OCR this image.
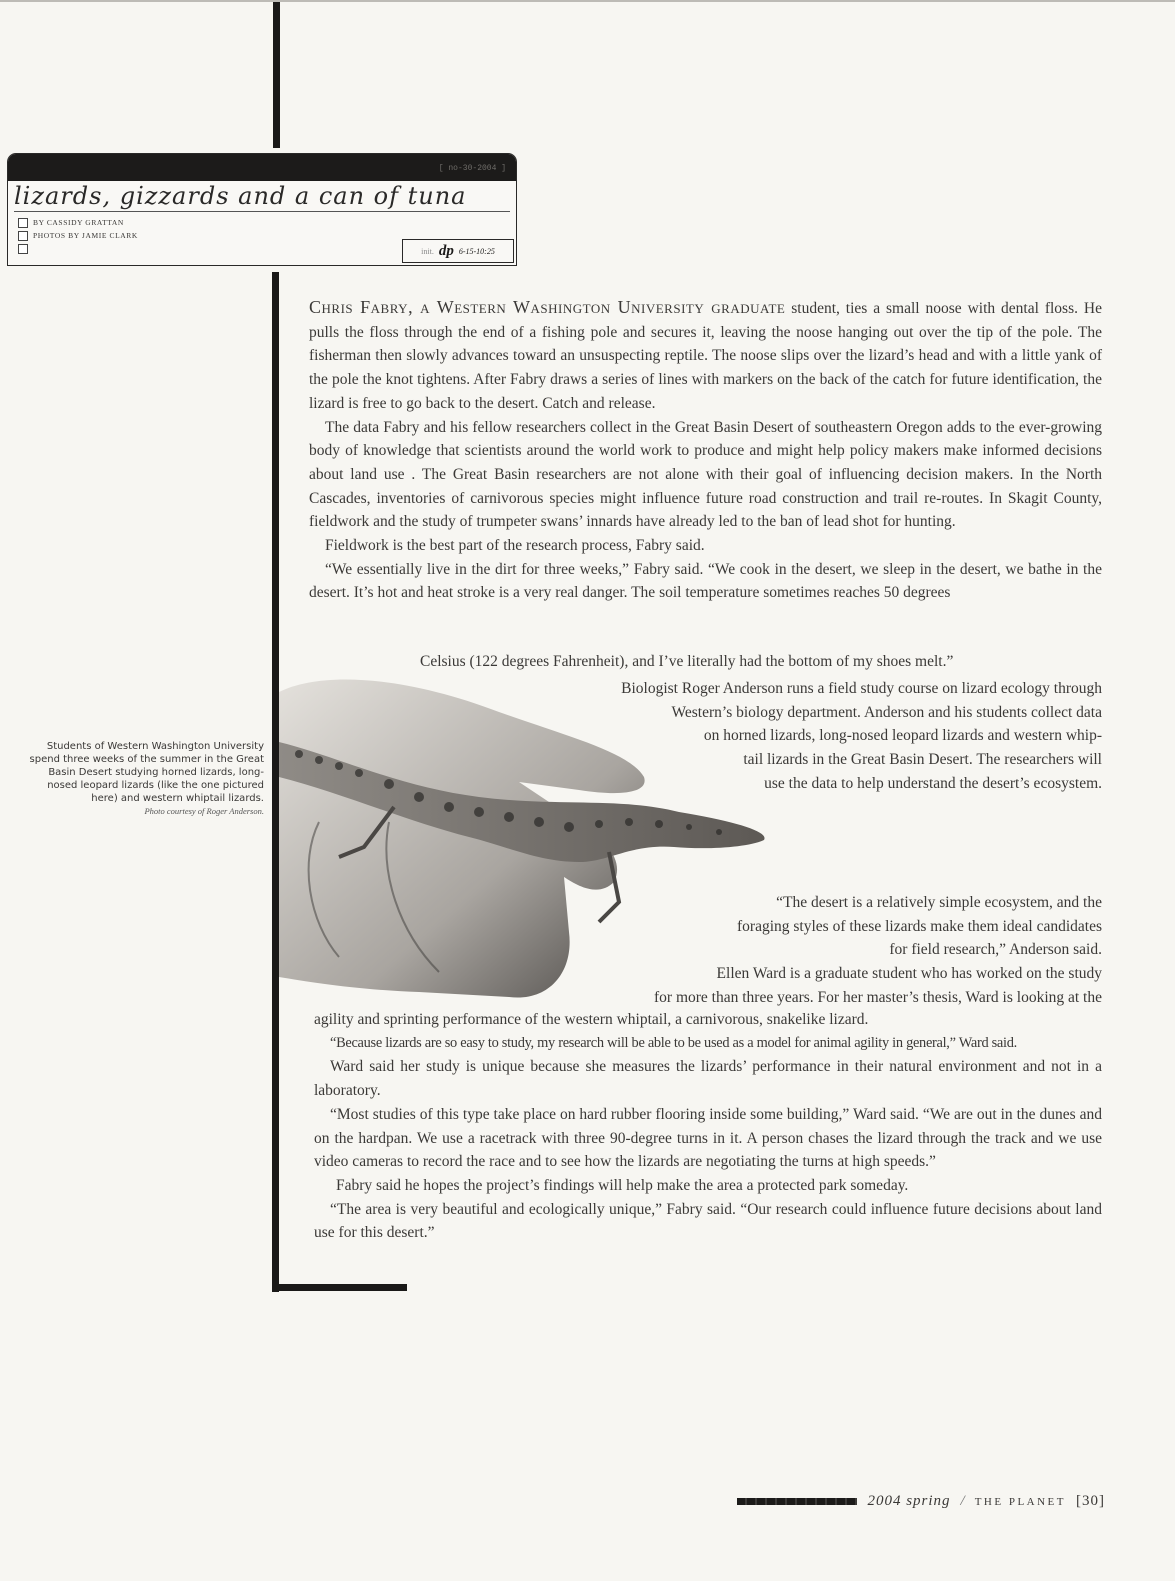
[ no-30-2004 ]
lizards, gizzards and a can of tuna
BY CASSIDY GRATTAN
PHOTOS BY JAMIE CLARK
init. dp 6-15-10:25

Chris Fabry, a Western Washington University graduate student, ties a small noose with dental floss. He pulls the floss through the end of a fishing pole and secures it, leaving the noose hanging out over the tip of the pole. The fisherman then slowly advances toward an unsuspecting reptile. The noose slips over the lizard’s head and with a little yank of the pole the knot tightens. After Fabry draws a series of lines with markers on the back of the catch for future identification, the lizard is free to go back to the desert. Catch and release.

The data Fabry and his fellow researchers collect in the Great Basin Desert of southeastern Oregon adds to the ever-growing body of knowledge that scientists around the world work to produce and might help policy makers make informed decisions about land use . The Great Basin researchers are not alone with their goal of influencing decision makers. In the North Cascades, inventories of carnivorous species might influence future road construction and trail re-routes. In Skagit County, fieldwork and the study of trumpeter swans’ innards have already led to the ban of lead shot for hunting.

Fieldwork is the best part of the research process, Fabry said.

“We essentially live in the dirt for three weeks,” Fabry said. “We cook in the desert, we sleep in the desert, we bathe in the desert. It’s hot and heat stroke is a very real danger. The soil temperature sometimes reaches 50 degrees

Celsius (122 degrees Fahrenheit), and I’ve literally had the bottom of my shoes melt.”
Students of Western Washington University spend three weeks of the summer in the Great Basin Desert studying horned lizards, long-nosed leopard lizards (like the one pictured here) and western whiptail lizards.
Photo courtesy of Roger Anderson.

Biologist Roger Anderson runs a field study course on lizard ecology through

Western’s biology department. Anderson and his students collect data

on horned lizards, long-nosed leopard lizards and western whip-

tail lizards in the Great Basin Desert. The researchers will

use the data to help understand the desert’s ecosystem.

“The desert is a relatively simple ecosystem, and the

foraging styles of these lizards make them ideal candidates

for field research,” Anderson said.

Ellen Ward is a graduate student who has worked on the study

for more than three years. For her master’s thesis, Ward is looking at the

agility and sprinting performance of the western whiptail, a carnivorous, snakelike lizard.

“Because lizards are so easy to study, my research will be able to be used as a model for animal agility in general,” Ward said.

Ward said her study is unique because she measures the lizards’ performance in their natural environment and not in a laboratory.

“Most studies of this type take place on hard rubber flooring inside some building,” Ward said. “We are out in the dunes and on the hardpan. We use a racetrack with three 90-degree turns in it. A person chases the lizard through the track and we use video cameras to record the race and to see how the lizards are negotiating the turns at high speeds.”

Fabry said he hopes the project’s findings will help make the area a protected park someday.

“The area is very beautiful and ecologically unique,” Fabry said. “Our research could influence future decisions about land use for this desert.”

2004 spring / THE PLANET [30]
